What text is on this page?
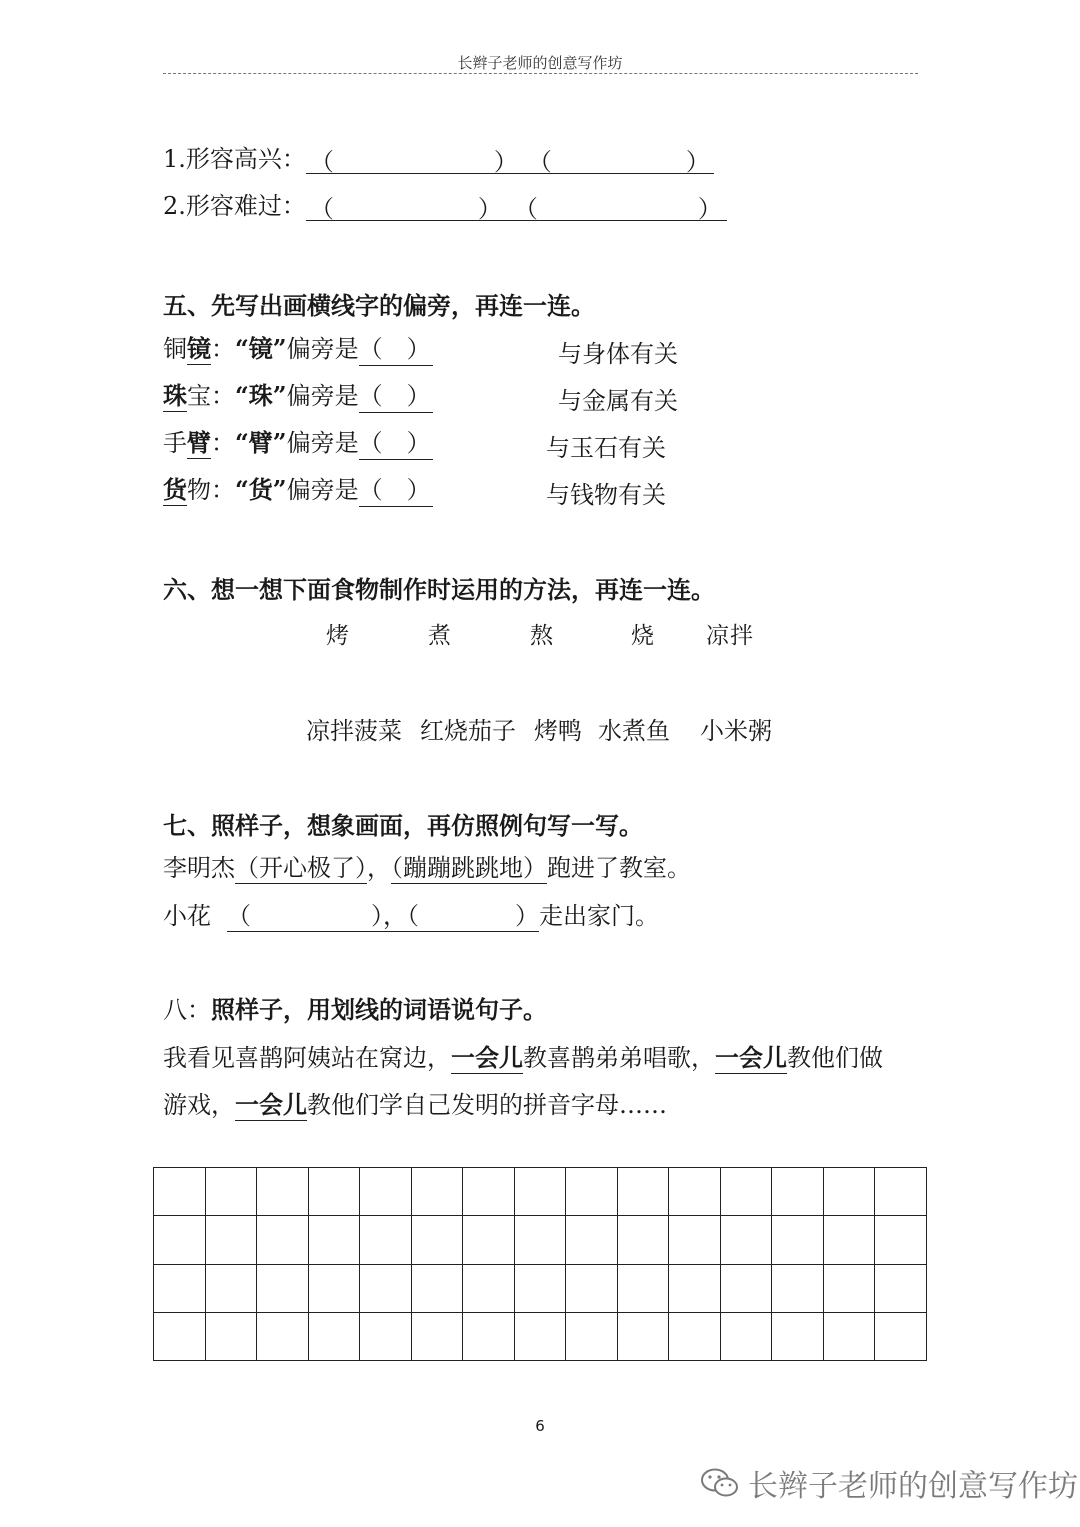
长辫子老师的创意写作坊
1.形容高兴： （	） （	）
2.形容难过： （	） （	）
五、先写出画横线字的偏旁，再连一连。
铜镜：“镜”偏旁是（　）	与身体有关
珠宝：“珠”偏旁是（　）	与金属有关
手臂：“臂”偏旁是（　）	与玉石有关
货物：“货”偏旁是（　）	与钱物有关
六、想一想下面食物制作时运用的方法，再连一连。
烤	煮	熬	烧 凉拌
凉拌菠菜 红烧茄子 烤鸭 水煮鱼 小米粥
七、照样子，想象画面，再仿照例句写一写。
李明杰（开心极了），（蹦蹦跳跳地）跑进了教室。
小花 （　　　　　），（　　　　）走出家门。
八：照样子，用划线的词语说句子。
我看见喜鹊阿姨站在窝边，一会儿教喜鹊弟弟唱歌，一会儿教他们做
游戏，一会儿教他们学自己发明的拼音字母……
6
长辫子老师的创意写作坊
